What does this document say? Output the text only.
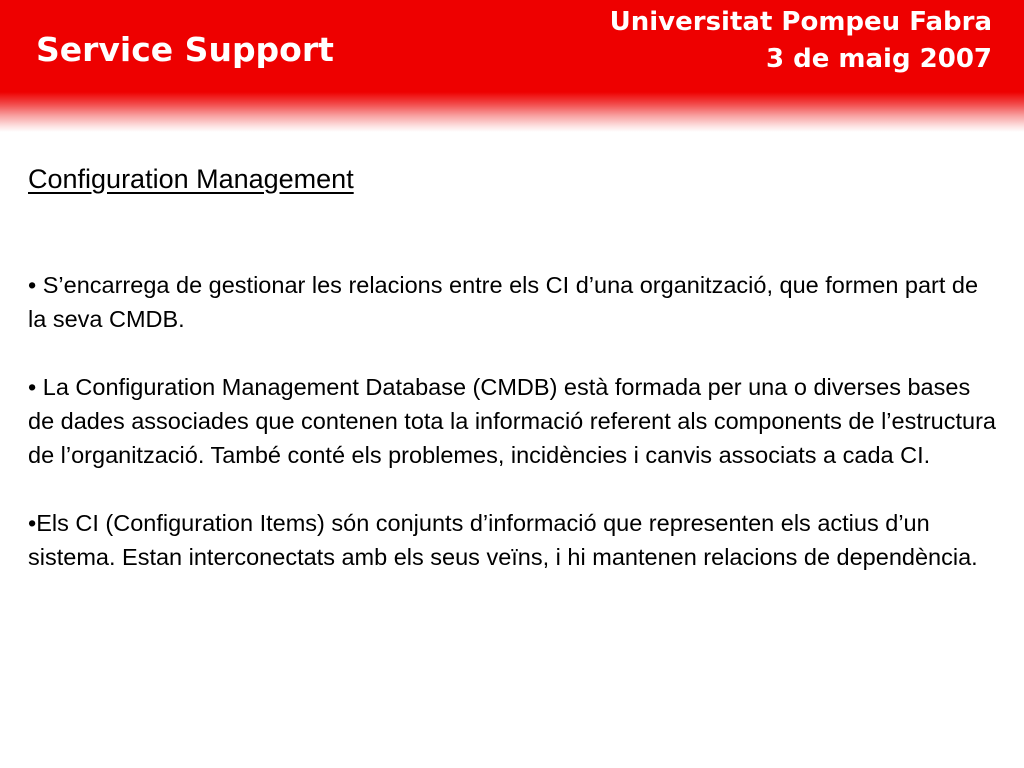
Service Support
Universitat Pompeu Fabra
3 de maig 2007
Configuration Management

• S’encarrega de gestionar les relacions entre els CI d’una organització, que formen part de la seva CMDB.

• La Configuration Management Database (CMDB) està formada per una o diverses bases de dades associades que contenen tota la informació referent als components de l’estructura de l’organització. També conté els problemes, incidències i canvis associats a cada CI.

•Els CI (Configuration Items) són conjunts d’informació que representen els actius d’un sistema. Estan interconectats amb els seus veïns, i hi mantenen relacions de dependència.
